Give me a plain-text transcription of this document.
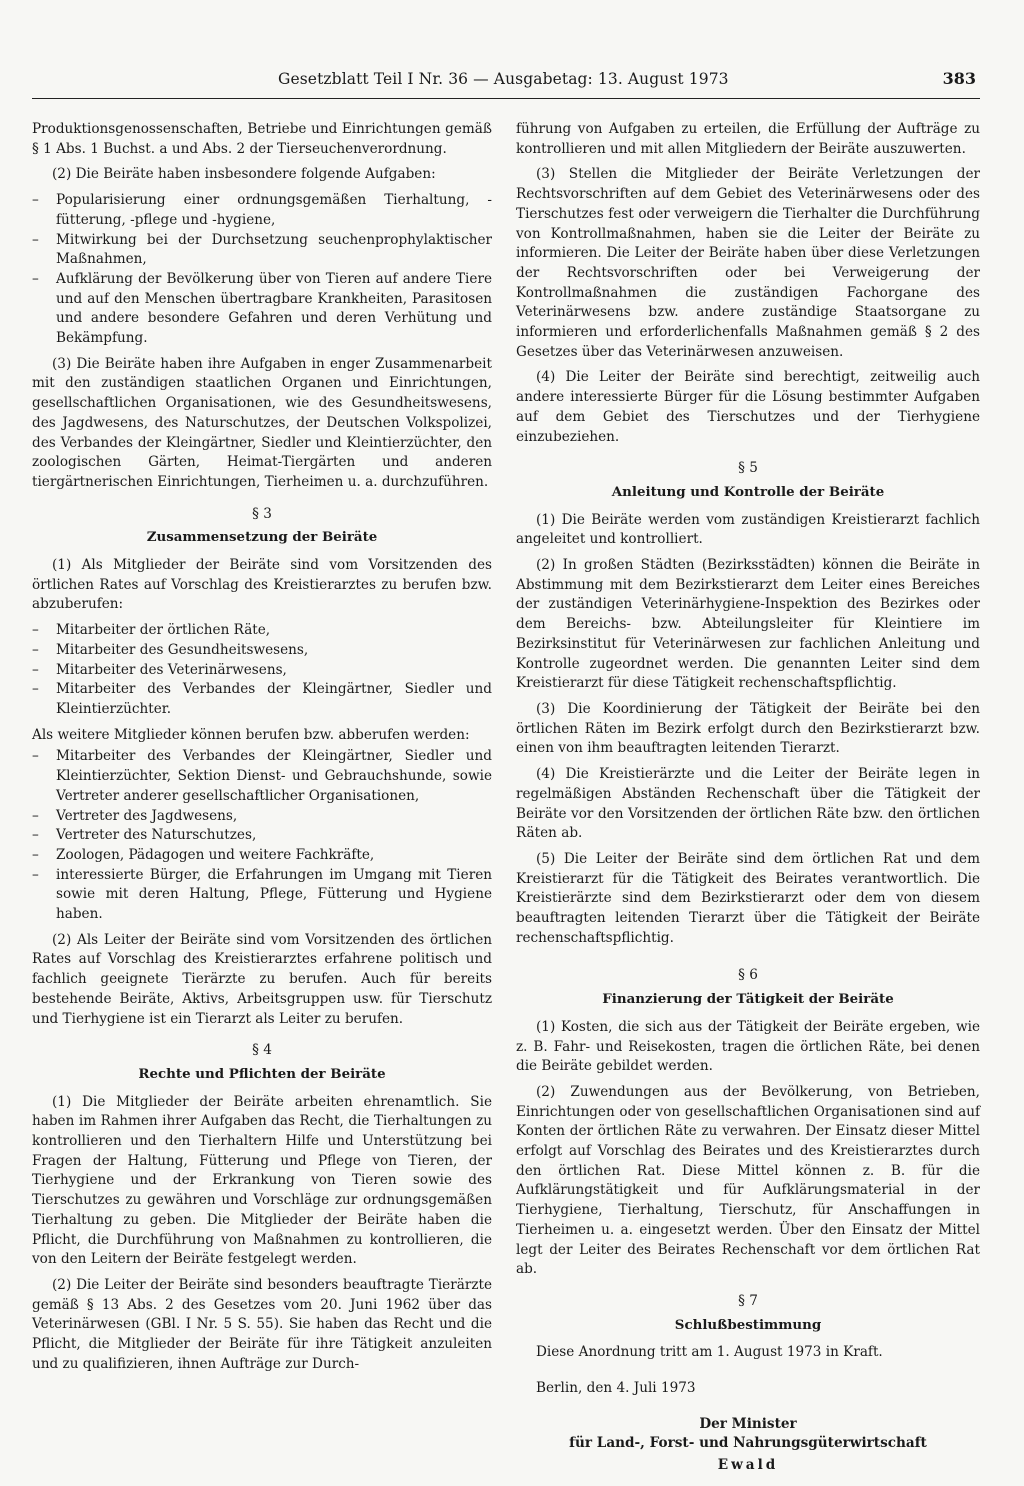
Gesetzblatt Teil I Nr. 36 — Ausgabetag: 13. August 1973	383

Produktionsgenossenschaften, Betriebe und Einrichtungen gemäß § 1 Abs. 1 Buchst. a und Abs. 2 der Tierseuchenverordnung.

(2) Die Beiräte haben insbesondere folgende Aufgaben:

– Popularisierung einer ordnungsgemäßen Tierhaltung, -fütterung, -pflege und -hygiene,
– Mitwirkung bei der Durchsetzung seuchenprophylaktischer Maßnahmen,
– Aufklärung der Bevölkerung über von Tieren auf andere Tiere und auf den Menschen übertragbare Krankheiten, Parasitosen und andere besondere Gefahren und deren Verhütung und Bekämpfung.

(3) Die Beiräte haben ihre Aufgaben in enger Zusammenarbeit mit den zuständigen staatlichen Organen und Einrichtungen, gesellschaftlichen Organisationen, wie des Gesundheitswesens, des Jagdwesens, des Naturschutzes, der Deutschen Volkspolizei, des Verbandes der Kleingärtner, Siedler und Kleintierzüchter, den zoologischen Gärten, Heimat-Tiergärten und anderen tiergärtnerischen Einrichtungen, Tierheimen u. a. durchzuführen.

§ 3
Zusammensetzung der Beiräte

(1) Als Mitglieder der Beiräte sind vom Vorsitzenden des örtlichen Rates auf Vorschlag des Kreistierarztes zu berufen bzw. abzuberufen:

– Mitarbeiter der örtlichen Räte,
– Mitarbeiter des Gesundheitswesens,
– Mitarbeiter des Veterinärwesens,
– Mitarbeiter des Verbandes der Kleingärtner, Siedler und Kleintierzüchter.

Als weitere Mitglieder können berufen bzw. abberufen werden:

– Mitarbeiter des Verbandes der Kleingärtner, Siedler und Kleintierzüchter, Sektion Dienst- und Gebrauchshunde, sowie Vertreter anderer gesellschaftlicher Organisationen,
– Vertreter des Jagdwesens,
– Vertreter des Naturschutzes,
– Zoologen, Pädagogen und weitere Fachkräfte,
– interessierte Bürger, die Erfahrungen im Umgang mit Tieren sowie mit deren Haltung, Pflege, Fütterung und Hygiene haben.

(2) Als Leiter der Beiräte sind vom Vorsitzenden des örtlichen Rates auf Vorschlag des Kreistierarztes erfahrene politisch und fachlich geeignete Tierärzte zu berufen. Auch für bereits bestehende Beiräte, Aktivs, Arbeitsgruppen usw. für Tierschutz und Tierhygiene ist ein Tierarzt als Leiter zu berufen.

§ 4
Rechte und Pflichten der Beiräte

(1) Die Mitglieder der Beiräte arbeiten ehrenamtlich. Sie haben im Rahmen ihrer Aufgaben das Recht, die Tierhaltungen zu kontrollieren und den Tierhaltern Hilfe und Unterstützung bei Fragen der Haltung, Fütterung und Pflege von Tieren, der Tierhygiene und der Erkrankung von Tieren sowie des Tierschutzes zu gewähren und Vorschläge zur ordnungsgemäßen Tierhaltung zu geben. Die Mitglieder der Beiräte haben die Pflicht, die Durchführung von Maßnahmen zu kontrollieren, die von den Leitern der Beiräte festgelegt werden.

(2) Die Leiter der Beiräte sind besonders beauftragte Tierärzte gemäß § 13 Abs. 2 des Gesetzes vom 20. Juni 1962 über das Veterinärwesen (GBl. I Nr. 5 S. 55). Sie haben das Recht und die Pflicht, die Mitglieder der Beiräte für ihre Tätigkeit anzuleiten und zu qualifizieren, ihnen Aufträge zur Durch-

führung von Aufgaben zu erteilen, die Erfüllung der Aufträge zu kontrollieren und mit allen Mitgliedern der Beiräte auszuwerten.

(3) Stellen die Mitglieder der Beiräte Verletzungen der Rechtsvorschriften auf dem Gebiet des Veterinärwesens oder des Tierschutzes fest oder verweigern die Tierhalter die Durchführung von Kontrollmaßnahmen, haben sie die Leiter der Beiräte zu informieren. Die Leiter der Beiräte haben über diese Verletzungen der Rechtsvorschriften oder bei Verweigerung der Kontrollmaßnahmen die zuständigen Fachorgane des Veterinärwesens bzw. andere zuständige Staatsorgane zu informieren und erforderlichenfalls Maßnahmen gemäß § 2 des Gesetzes über das Veterinärwesen anzuweisen.

(4) Die Leiter der Beiräte sind berechtigt, zeitweilig auch andere interessierte Bürger für die Lösung bestimmter Aufgaben auf dem Gebiet des Tierschutzes und der Tierhygiene einzubeziehen.

§ 5
Anleitung und Kontrolle der Beiräte

(1) Die Beiräte werden vom zuständigen Kreistierarzt fachlich angeleitet und kontrolliert.

(2) In großen Städten (Bezirksstädten) können die Beiräte in Abstimmung mit dem Bezirkstierarzt dem Leiter eines Bereiches der zuständigen Veterinärhygiene-Inspektion des Bezirkes oder dem Bereichs- bzw. Abteilungsleiter für Kleintiere im Bezirksinstitut für Veterinärwesen zur fachlichen Anleitung und Kontrolle zugeordnet werden. Die genannten Leiter sind dem Kreistierarzt für diese Tätigkeit rechenschaftspflichtig.

(3) Die Koordinierung der Tätigkeit der Beiräte bei den örtlichen Räten im Bezirk erfolgt durch den Bezirkstierarzt bzw. einen von ihm beauftragten leitenden Tierarzt.

(4) Die Kreistierärzte und die Leiter der Beiräte legen in regelmäßigen Abständen Rechenschaft über die Tätigkeit der Beiräte vor den Vorsitzenden der örtlichen Räte bzw. den örtlichen Räten ab.

(5) Die Leiter der Beiräte sind dem örtlichen Rat und dem Kreistierarzt für die Tätigkeit des Beirates verantwortlich. Die Kreistierärzte sind dem Bezirkstierarzt oder dem von diesem beauftragten leitenden Tierarzt über die Tätigkeit der Beiräte rechenschaftspflichtig.

§ 6
Finanzierung der Tätigkeit der Beiräte

(1) Kosten, die sich aus der Tätigkeit der Beiräte ergeben, wie z. B. Fahr- und Reisekosten, tragen die örtlichen Räte, bei denen die Beiräte gebildet werden.

(2) Zuwendungen aus der Bevölkerung, von Betrieben, Einrichtungen oder von gesellschaftlichen Organisationen sind auf Konten der örtlichen Räte zu verwahren. Der Einsatz dieser Mittel erfolgt auf Vorschlag des Beirates und des Kreistierarztes durch den örtlichen Rat. Diese Mittel können z. B. für die Aufklärungstätigkeit und für Aufklärungsmaterial in der Tierhygiene, Tierhaltung, Tierschutz, für Anschaffungen in Tierheimen u. a. eingesetzt werden. Über den Einsatz der Mittel legt der Leiter des Beirates Rechenschaft vor dem örtlichen Rat ab.

§ 7
Schlußbestimmung

Diese Anordnung tritt am 1. August 1973 in Kraft.

Berlin, den 4. Juli 1973

Der Minister
für Land-, Forst- und Nahrungsgüterwirtschaft
Ewald
